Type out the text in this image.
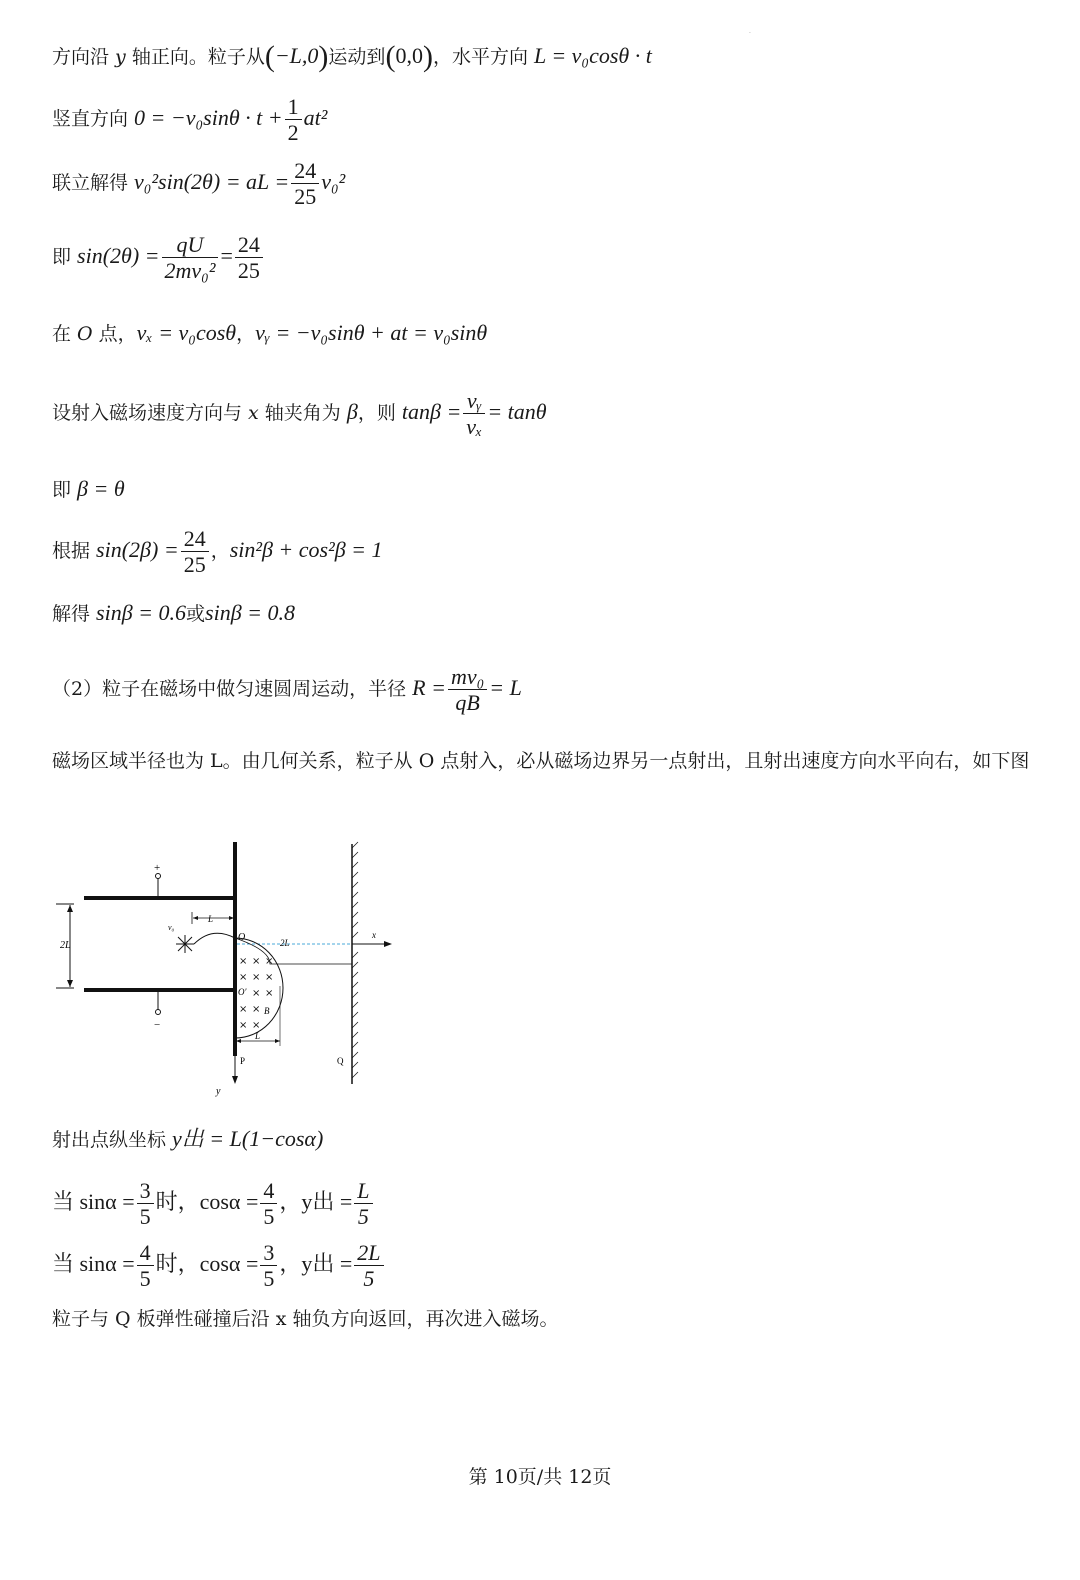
·
方向沿 y 轴正向。粒子从(−L,0)运动到(0,0)，水平方向 L = v₀cosθ · t
竖直方向 $0 = -v_0\sin\theta \cdot t + \frac{1}{2} at^2$
联立解得 v₀²sin(2θ) = aL = $\frac{24}{25} v_0^2$
即 $\sin(2\theta) = \frac{qU}{\text{2mv₀²}} = \frac{24}{25}$
在 O 点，vₓ = v₀cosθ，vᵧ = −v₀sinθ + at = v₀sinθ
设射入磁场速度方向与 x 轴夹角为 β，则 $\tan\beta = \frac{\text{vᵧ}}{\text{vₓ}} = \tan\theta$
即 β = θ
根据 $\sin(2\beta) = \frac{24}{25}$ ，sin²β + cos²β = 1
解得 sinβ = 0.6或sinβ = 0.8
（2）粒子在磁场中做匀速圆周运动，半径 $R = \frac{\text{mv₀}}{qB} = L$
磁场区域半径也为 L。由几何关系，粒子从 O 点射入，必从磁场边界另一点射出，且射出速度方向水平向右，如下图
+
−
2L
y
v₀
L
O	x
2L
× × ×
× × ×
× ×
× ×
× ×
O′
B
L
P	Q
射出点纵坐标 y出 = L(1−cosα)
当 $\sin\alpha = \frac{3}{5}$ 时，$\cos\alpha = \frac{4}{5}$ ，y出 = $\frac{L}{5}$
当 $\sin\alpha = \frac{4}{5}$ 时，$\cos\alpha = \frac{3}{5}$ ，y出 = $\frac{2L}{5}$
粒子与 Q 板弹性碰撞后沿 x 轴负方向返回，再次进入磁场。
第 10页/共 12页
